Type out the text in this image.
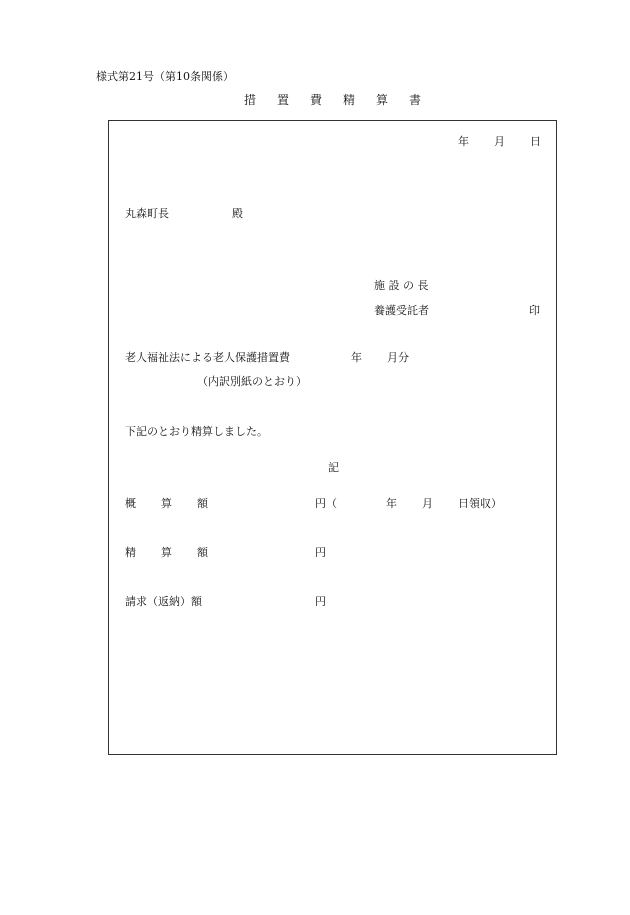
様式第21号（第10条関係）

措

置

費

精

算

書

年 月 日
丸森町長	殿
施 設 の 長
養護受託者	印
老人福祉法による老人保護措置費	年 月分
（内訳別紙のとおり）
下記のとおり精算しました。
記
概 算 額	円（	年 月 日領収）
精 算 額	円
請求（返納）額	円
